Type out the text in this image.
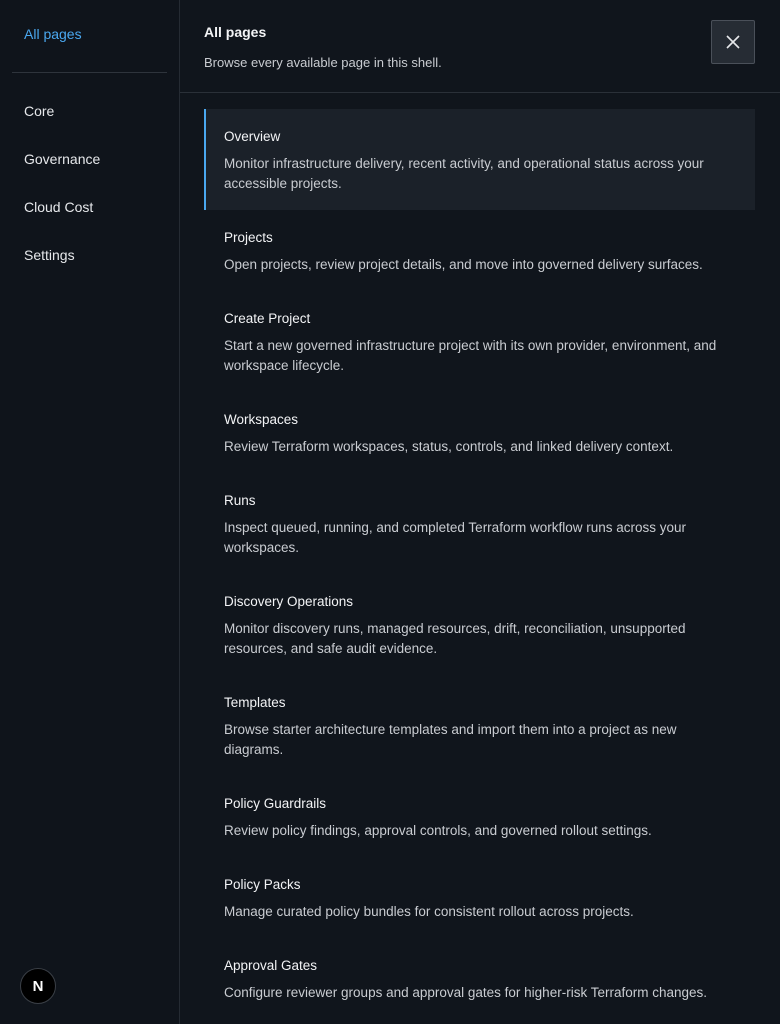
All pages
Core
Governance
Cloud Cost
Settings
N
All pages
Browse every available page in this shell.
Overview
Monitor infrastructure delivery, recent activity, and operational status across your accessible projects.
Projects
Open projects, review project details, and move into governed delivery surfaces.
Create Project
Start a new governed infrastructure project with its own provider, environment, and workspace lifecycle.
Workspaces
Review Terraform workspaces, status, controls, and linked delivery context.
Runs
Inspect queued, running, and completed Terraform workflow runs across your workspaces.
Discovery Operations
Monitor discovery runs, managed resources, drift, reconciliation, unsupported resources, and safe audit evidence.
Templates
Browse starter architecture templates and import them into a project as new diagrams.
Policy Guardrails
Review policy findings, approval controls, and governed rollout settings.
Policy Packs
Manage curated policy bundles for consistent rollout across projects.
Approval Gates
Configure reviewer groups and approval gates for higher-risk Terraform changes.
